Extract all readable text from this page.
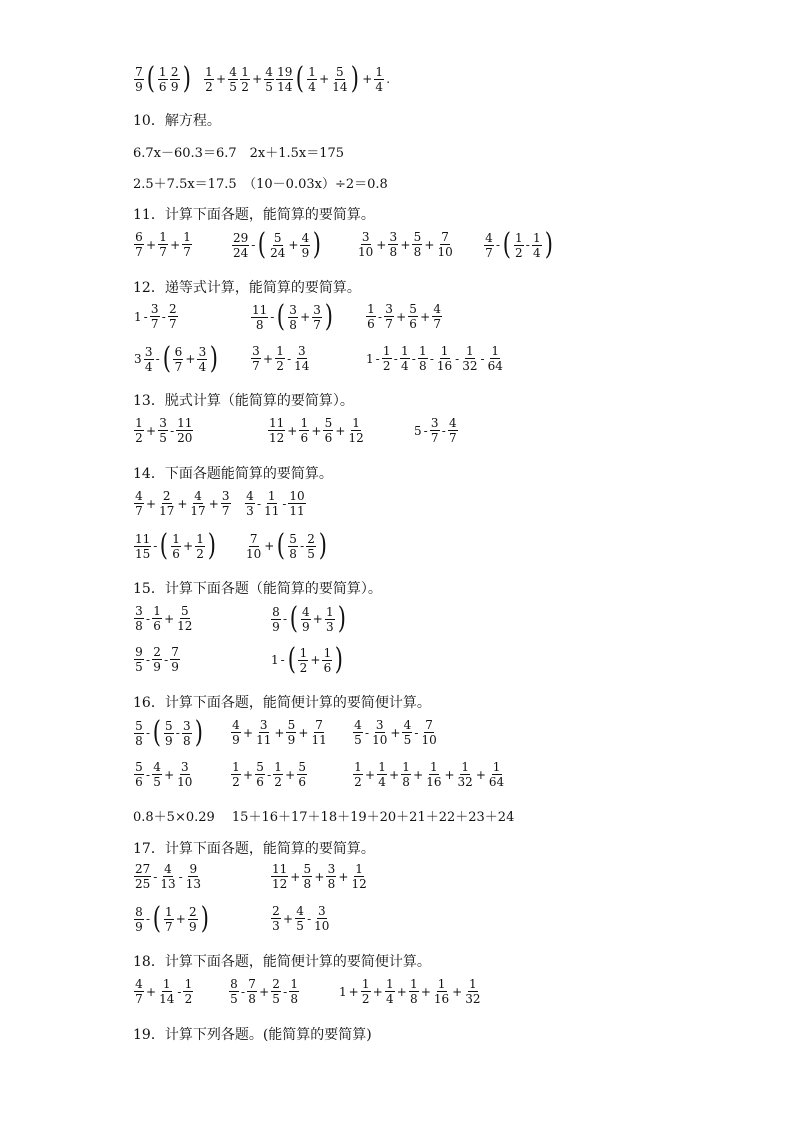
$\frac{7}{9}$ ( $\frac{1}{6} \frac{2}{9}$ ) $\frac{1}{2} + \frac{4}{5} \frac{1}{2} + \frac{4}{5} \frac{19}{14}$ ( $\frac{1}{4} + \frac{5}{14}$ ) + $\frac{1}{4}$ .
10．解方程。
6.7x－60.3＝6.7　2x＋1.5x＝175
2.5＋7.5x＝17.5　（10－0.03x）÷2＝0.8
11．计算下面各题，能简算的要简算。
$\frac{6}{7} + \frac{1}{7} + \frac{1}{7}$	$\frac{29}{24}$ - ( $\frac{5}{24} + \frac{4}{9}$ )	$\frac{3}{10} + \frac{3}{8} + \frac{5}{8} + \frac{7}{10}$	$\frac{4}{7}$ - ( $\frac{1}{2} - \frac{1}{4}$ )
12．递等式计算，能简算的要简算。
$1 - \frac{3}{7} - \frac{2}{7}$	$\frac{11}{8}$ - ( $\frac{3}{8} + \frac{3}{7}$ )	$\frac{1}{6} - \frac{3}{7} + \frac{5}{6} + \frac{4}{7}$
$3 \frac{3}{4}$ - ( $\frac{6}{7} + \frac{3}{4}$ )	$\frac{3}{7} + \frac{1}{2} - \frac{3}{14}$	$1 - \frac{1}{2} - \frac{1}{4} - \frac{1}{8} - \frac{1}{16} - \frac{1}{32} - \frac{1}{64}$
13．脱式计算（能简算的要简算）。
$\frac{1}{2} + \frac{3}{5} - \frac{11}{20}$	$\frac{11}{12} + \frac{1}{6} + \frac{5}{6} + \frac{1}{12}$	$5 - \frac{3}{7} - \frac{4}{7}$
14．下面各题能简算的要简算。
$\frac{4}{7} + \frac{2}{17} + \frac{4}{17} + \frac{3}{7} \frac{4}{3} - \frac{1}{11} - \frac{10}{11}$
$\frac{11}{15}$ - ( $\frac{1}{6} + \frac{1}{2}$ ) $\frac{7}{10}$ + ( $\frac{5}{8} - \frac{2}{5}$ )
15．计算下面各题（能简算的要简算）。
$\frac{3}{8} - \frac{1}{6} + \frac{5}{12}$	$\frac{8}{9}$ - ( $\frac{4}{9} + \frac{1}{3}$ )
$\frac{9}{5} - \frac{2}{9} - \frac{7}{9}$	1 - ( $\frac{1}{2} + \frac{1}{6}$ )
16．计算下面各题，能简便计算的要简便计算。
0.8＋5×0.29　 15＋16＋17＋18＋19＋20＋21＋22＋23＋24
$\frac{5}{8}$ - ( $\frac{5}{9} - \frac{3}{8}$ ) $\frac{4}{9} + \frac{3}{11} + \frac{5}{9} + \frac{7}{11} \frac{4}{5} - \frac{3}{10} + \frac{4}{5} - \frac{7}{10}$
$\frac{5}{6} - \frac{4}{5} + \frac{3}{10}$	$\frac{1}{2} + \frac{5}{6} - \frac{1}{2} + \frac{5}{6}$	$\frac{1}{2} + \frac{1}{4} + \frac{1}{8} + \frac{1}{16} + \frac{1}{32} + \frac{1}{64}$
17．计算下面各题，能简算的要简算。
$\frac{27}{25} - \frac{4}{13} - \frac{9}{13}$	$\frac{11}{12} + \frac{5}{8} + \frac{3}{8} + \frac{1}{12}$
$\frac{8}{9}$ - ( $\frac{1}{7} + \frac{2}{9}$ )	$\frac{2}{3} + \frac{4}{5} - \frac{3}{10}$
18．计算下面各题，能简便计算的要简便计算。
$\frac{4}{7} + \frac{1}{14} - \frac{1}{2}$	$\frac{8}{5} - \frac{7}{8} + \frac{2}{5} - \frac{1}{8}$	$1 + \frac{1}{2} + \frac{1}{4} + \frac{1}{8} + \frac{1}{16} + \frac{1}{32}$
19．计算下列各题。(能简算的要简算)
